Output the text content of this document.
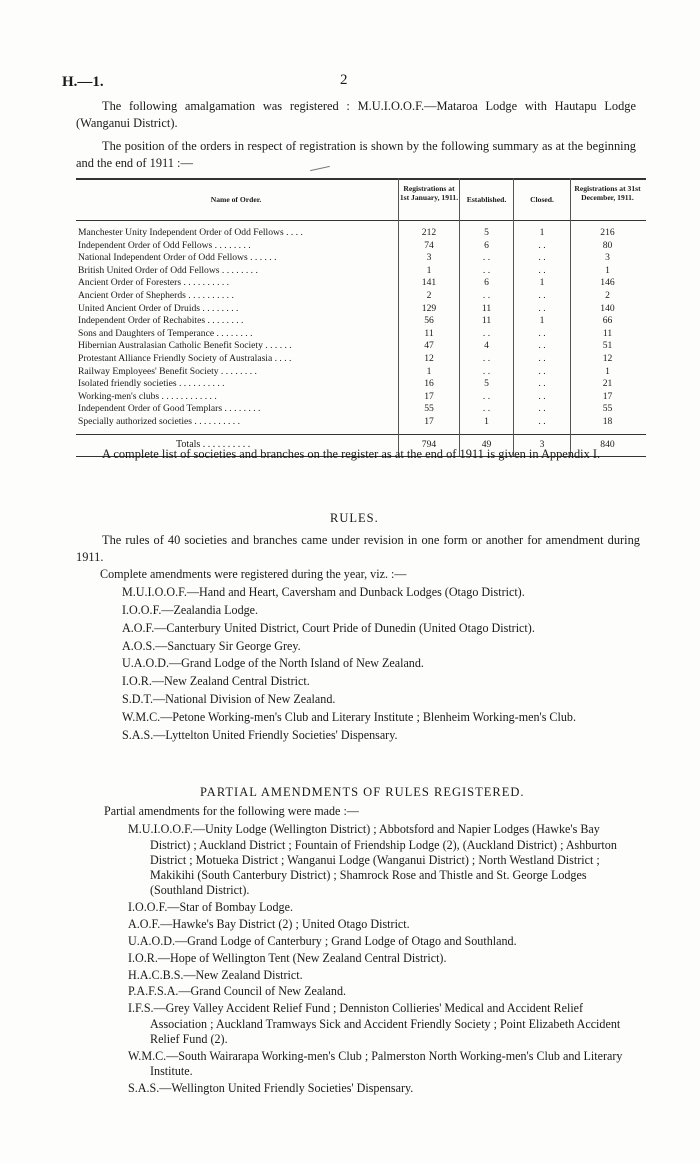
H.—1.	2
The following amalgamation was registered : M.U.I.O.O.F.—Mataroa Lodge with Hautapu Lodge (Wanganui District).
The position of the orders in respect of registration is shown by the following summary as at the beginning and the end of 1911 :—
Name of Order.
Registrations at 1st January, 1911.	Established.	Closed.
Registrations at 31st December, 1911.
Manchester Unity Independent Order of Odd Fellows . . . .	212	5	1	216
Independent Order of Odd Fellows . . . . . . . .	74	6	. .	80
National Independent Order of Odd Fellows . . . . . .	3	. .	. .	3
British United Order of Odd Fellows . . . . . . . .	1	. .	. .	1
Ancient Order of Foresters . . . . . . . . . .	141	6	1	146
Ancient Order of Shepherds . . . . . . . . . .	2	. .	. .	2
United Ancient Order of Druids . . . . . . . .	129	11	. .	140
Independent Order of Rechabites . . . . . . . .	56	11	1	66
Sons and Daughters of Temperance . . . . . . . .	11	. .	. .	11
Hibernian Australasian Catholic Benefit Society . . . . . .	47	4	. .	51
Protestant Alliance Friendly Society of Australasia . . . .	12	. .	. .	12
Railway Employees' Benefit Society . . . . . . . .	1	. .	. .	1
Isolated friendly societies . . . . . . . . . .	16	5	. .	21
Working-men's clubs . . . . . . . . . . . .	17	. .	. .	17
Independent Order of Good Templars . . . . . . . .	55	. .	. .	55
Specially authorized societies . . . . . . . . . .	17	1	. .	18
Totals . . . . . . . . . .	794	49	3	840
A complete list of societies and branches on the register as at the end of 1911 is given in Appendix I.
RULES.
The rules of 40 societies and branches came under revision in one form or another for amendment during 1911.
Complete amendments were registered during the year, viz. :—
M.U.I.O.O.F.—Hand and Heart, Caversham and Dunback Lodges (Otago District).
I.O.O.F.—Zealandia Lodge.
A.O.F.—Canterbury United District, Court Pride of Dunedin (United Otago District).
A.O.S.—Sanctuary Sir George Grey.
U.A.O.D.—Grand Lodge of the North Island of New Zealand.
I.O.R.—New Zealand Central District.
S.D.T.—National Division of New Zealand.
W.M.C.—Petone Working-men's Club and Literary Institute ; Blenheim Working-men's Club.
S.A.S.—Lyttelton United Friendly Societies' Dispensary.
PARTIAL AMENDMENTS OF RULES REGISTERED.
Partial amendments for the following were made :—
M.U.I.O.O.F.—Unity Lodge (Wellington District) ; Abbotsford and Napier Lodges (Hawke's Bay District) ; Auckland District ; Fountain of Friendship Lodge (2), (Auckland District) ; Ashburton District ; Motueka District ; Wanganui Lodge (Wanganui District) ; North Westland District ; Makikihi (South Canterbury District) ; Shamrock Rose and Thistle and St. George Lodges (Southland District).
I.O.O.F.—Star of Bombay Lodge.
A.O.F.—Hawke's Bay District (2) ; United Otago District.
U.A.O.D.—Grand Lodge of Canterbury ; Grand Lodge of Otago and Southland.
I.O.R.—Hope of Wellington Tent (New Zealand Central District).
H.A.C.B.S.—New Zealand District.
P.A.F.S.A.—Grand Council of New Zealand.
I.F.S.—Grey Valley Accident Relief Fund ; Denniston Collieries' Medical and Accident Relief Association ; Auckland Tramways Sick and Accident Friendly Society ; Point Elizabeth Accident Relief Fund (2).
W.M.C.—South Wairarapa Working-men's Club ; Palmerston North Working-men's Club and Literary Institute.
S.A.S.—Wellington United Friendly Societies' Dispensary.
